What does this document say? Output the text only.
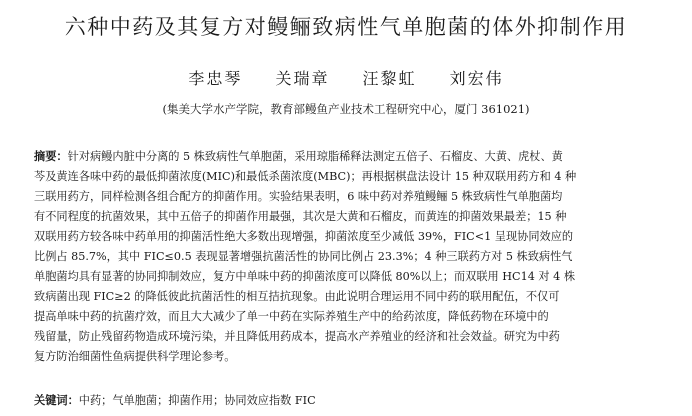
六种中药及其复方对鳗鲡致病性气单胞菌的体外抑制作用
李忠琴 关瑞章 汪黎虹 刘宏伟
(集美大学水产学院，教育部鳗鱼产业技术工程研究中心，厦门 361021)
摘要：针对病鳗内脏中分离的 5 株致病性气单胞菌，采用琼脂稀释法测定五倍子、石榴皮、大黄、虎杖、黄
芩及黄连各味中药的最低抑菌浓度(MIC)和最低杀菌浓度(MBC)；再根据棋盘法设计 15 种双联用药方和 4 种
三联用药方，同样检测各组合配方的抑菌作用。实验结果表明，6 味中药对养殖鳗鲡 5 株致病性气单胞菌均
有不同程度的抗菌效果，其中五倍子的抑菌作用最强，其次是大黄和石榴皮，而黄连的抑菌效果最差；15 种
双联用药方较各味中药单用的抑菌活性绝大多数出现增强，抑菌浓度至少减低 39%，FIC<1 呈现协同效应的
比例占 85.7%，其中 FIC≤0.5 表现显著增强抗菌活性的协同比例占 23.3%；4 种三联药方对 5 株致病性气
单胞菌均具有显著的协同抑制效应，复方中单味中药的抑菌浓度可以降低 80%以上；而双联用 HC14 对 4 株
致病菌出现 FIC≥2 的降低彼此抗菌活性的相互拮抗现象。由此说明合理运用不同中药的联用配伍，不仅可
提高单味中药的抗菌疗效，而且大大减少了单一中药在实际养殖生产中的给药浓度，降低药物在环境中的
残留量，防止残留药物造成环境污染，并且降低用药成本，提高水产养殖业的经济和社会效益。研究为中药
复方防治细菌性鱼病提供科学理论参考。
关键词：中药；气单胞菌；抑菌作用；协同效应指数 FIC
